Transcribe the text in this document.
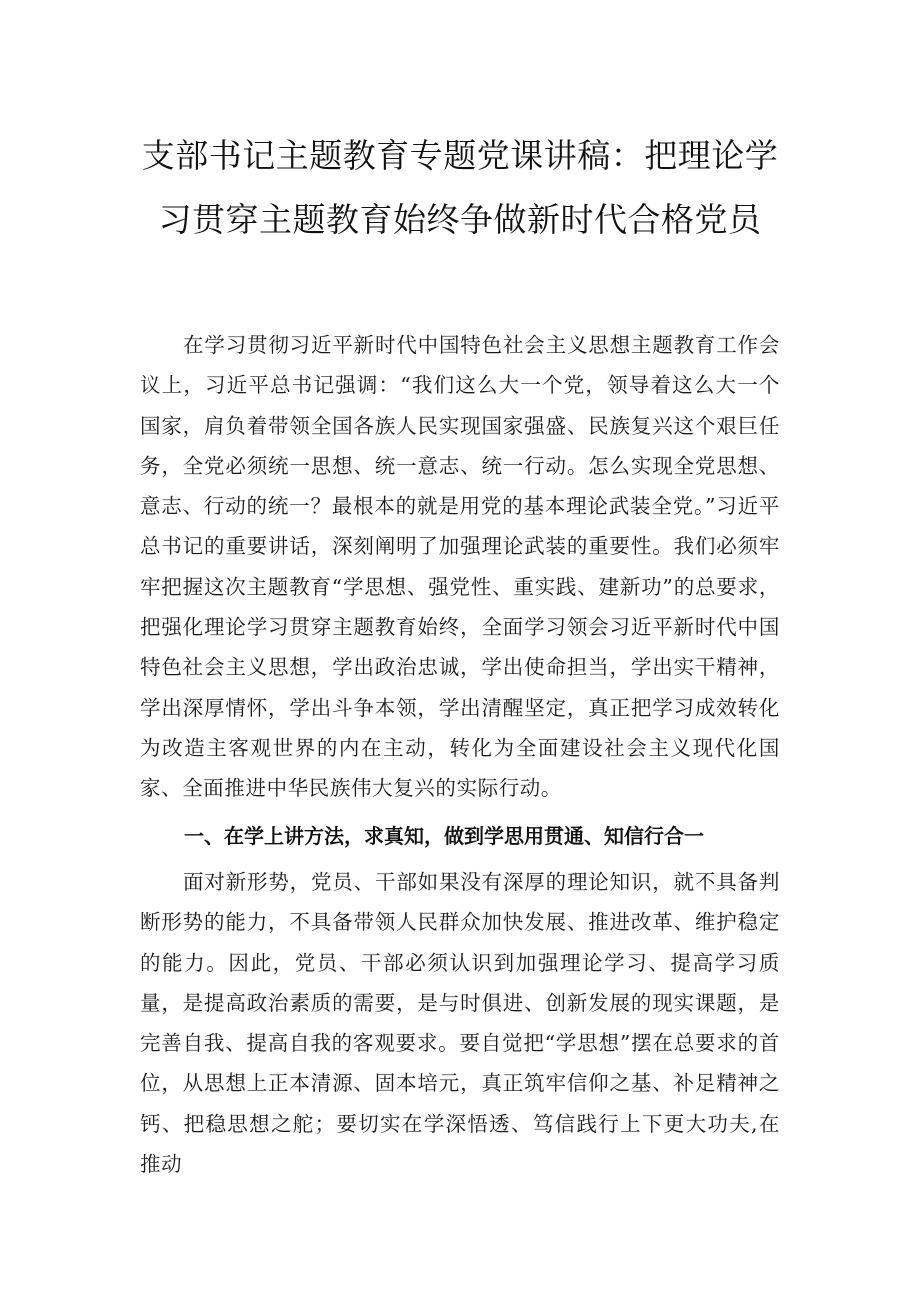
支部书记主题教育专题党课讲稿：把理论学习贯穿主题教育始终争做新时代合格党员

在学习贯彻习近平新时代中国特色社会主义思想主题教育工作会议上，习近平总书记强调：“我们这么大一个党，领导着这么大一个国家，肩负着带领全国各族人民实现国家强盛、民族复兴这个艰巨任务，全党必须统一思想、统一意志、统一行动。怎么实现全党思想、意志、行动的统一？最根本的就是用党的基本理论武装全党。”习近平总书记的重要讲话，深刻阐明了加强理论武装的重要性。我们必须牢牢把握这次主题教育“学思想、强党性、重实践、建新功”的总要求，把强化理论学习贯穿主题教育始终，全面学习领会习近平新时代中国特色社会主义思想，学出政治忠诚，学出使命担当，学出实干精神，学出深厚情怀，学出斗争本领，学出清醒坚定，真正把学习成效转化为改造主客观世界的内在主动，转化为全面建设社会主义现代化国家、全面推进中华民族伟大复兴的实际行动。

一、在学上讲方法，求真知，做到学思用贯通、知信行合一

面对新形势，党员、干部如果没有深厚的理论知识，就不具备判断形势的能力，不具备带领人民群众加快发展、推进改革、维护稳定的能力。因此，党员、干部必须认识到加强理论学习、提高学习质量，是提高政治素质的需要，是与时俱进、创新发展的现实课题，是完善自我、提高自我的客观要求。要自觉把“学思想”摆在总要求的首位，从思想上正本清源、固本培元，真正筑牢信仰之基、补足精神之钙、把稳思想之舵；要切实在学深悟透、笃信践行上下更大功夫,在推动
